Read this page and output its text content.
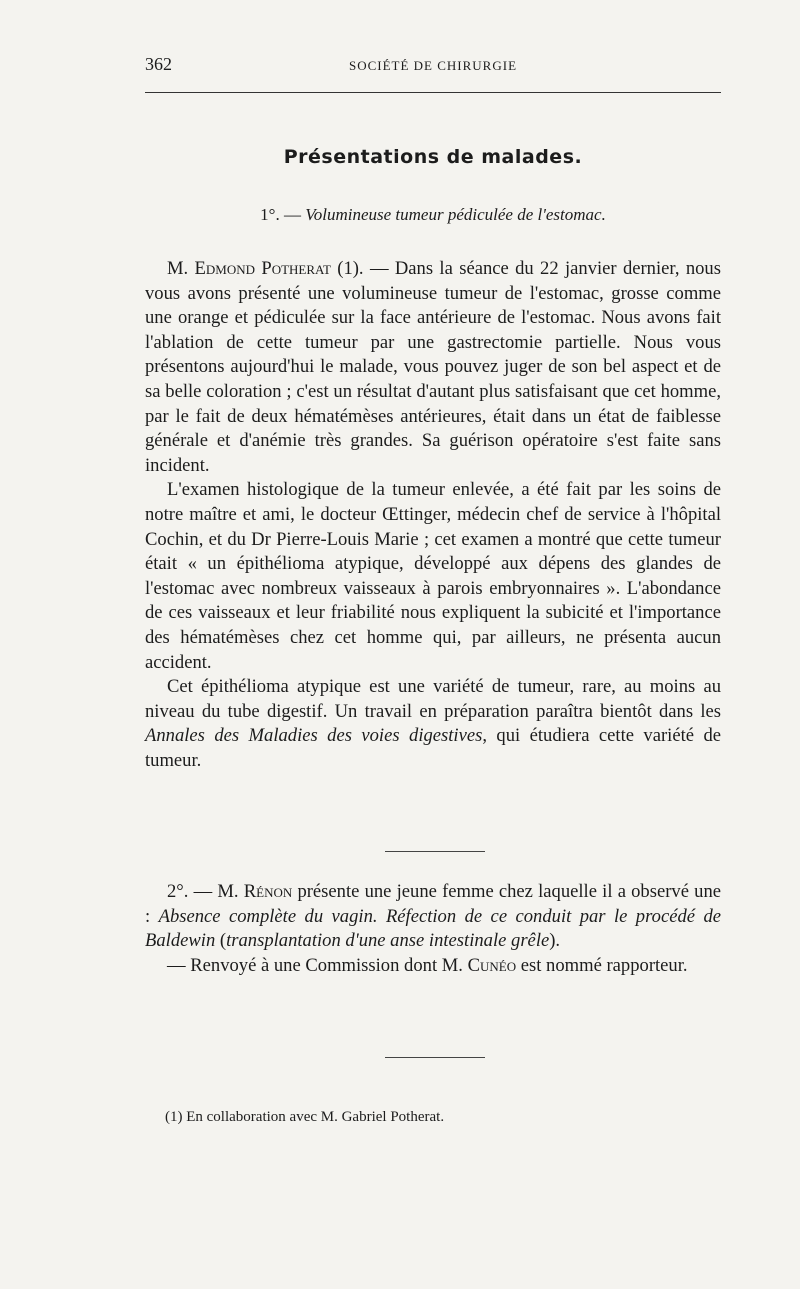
362	SOCIÉTÉ DE CHIRURGIE
Présentations de malades.
1°. — Volumineuse tumeur pédiculée de l'estomac.

M. Edmond Potherat (1). — Dans la séance du 22 janvier dernier, nous vous avons présenté une volumineuse tumeur de l'estomac, grosse comme une orange et pédiculée sur la face antérieure de l'estomac. Nous avons fait l'ablation de cette tumeur par une gastrectomie partielle. Nous vous présentons aujourd'hui le malade, vous pouvez juger de son bel aspect et de sa belle coloration ; c'est un résultat d'autant plus satisfaisant que cet homme, par le fait de deux hématémèses antérieures, était dans un état de faiblesse générale et d'anémie très grandes. Sa guérison opératoire s'est faite sans incident.

L'examen histologique de la tumeur enlevée, a été fait par les soins de notre maître et ami, le docteur Œttinger, médecin chef de service à l'hôpital Cochin, et du Dr Pierre-Louis Marie ; cet examen a montré que cette tumeur était « un épithélioma atypique, développé aux dépens des glandes de l'estomac avec nombreux vaisseaux à parois embryonnaires ». L'abondance de ces vaisseaux et leur friabilité nous expliquent la subicité et l'importance des hématémèses chez cet homme qui, par ailleurs, ne présenta aucun accident.

Cet épithélioma atypique est une variété de tumeur, rare, au moins au niveau du tube digestif. Un travail en préparation paraîtra bientôt dans les Annales des Maladies des voies digestives, qui étudiera cette variété de tumeur.

2°. — M. Rénon présente une jeune femme chez laquelle il a observé une : Absence complète du vagin. Réfection de ce conduit par le procédé de Baldewin (transplantation d'une anse intestinale grêle).

— Renvoyé à une Commission dont M. Cunéo est nommé rapporteur.

(1) En collaboration avec M. Gabriel Potherat.
